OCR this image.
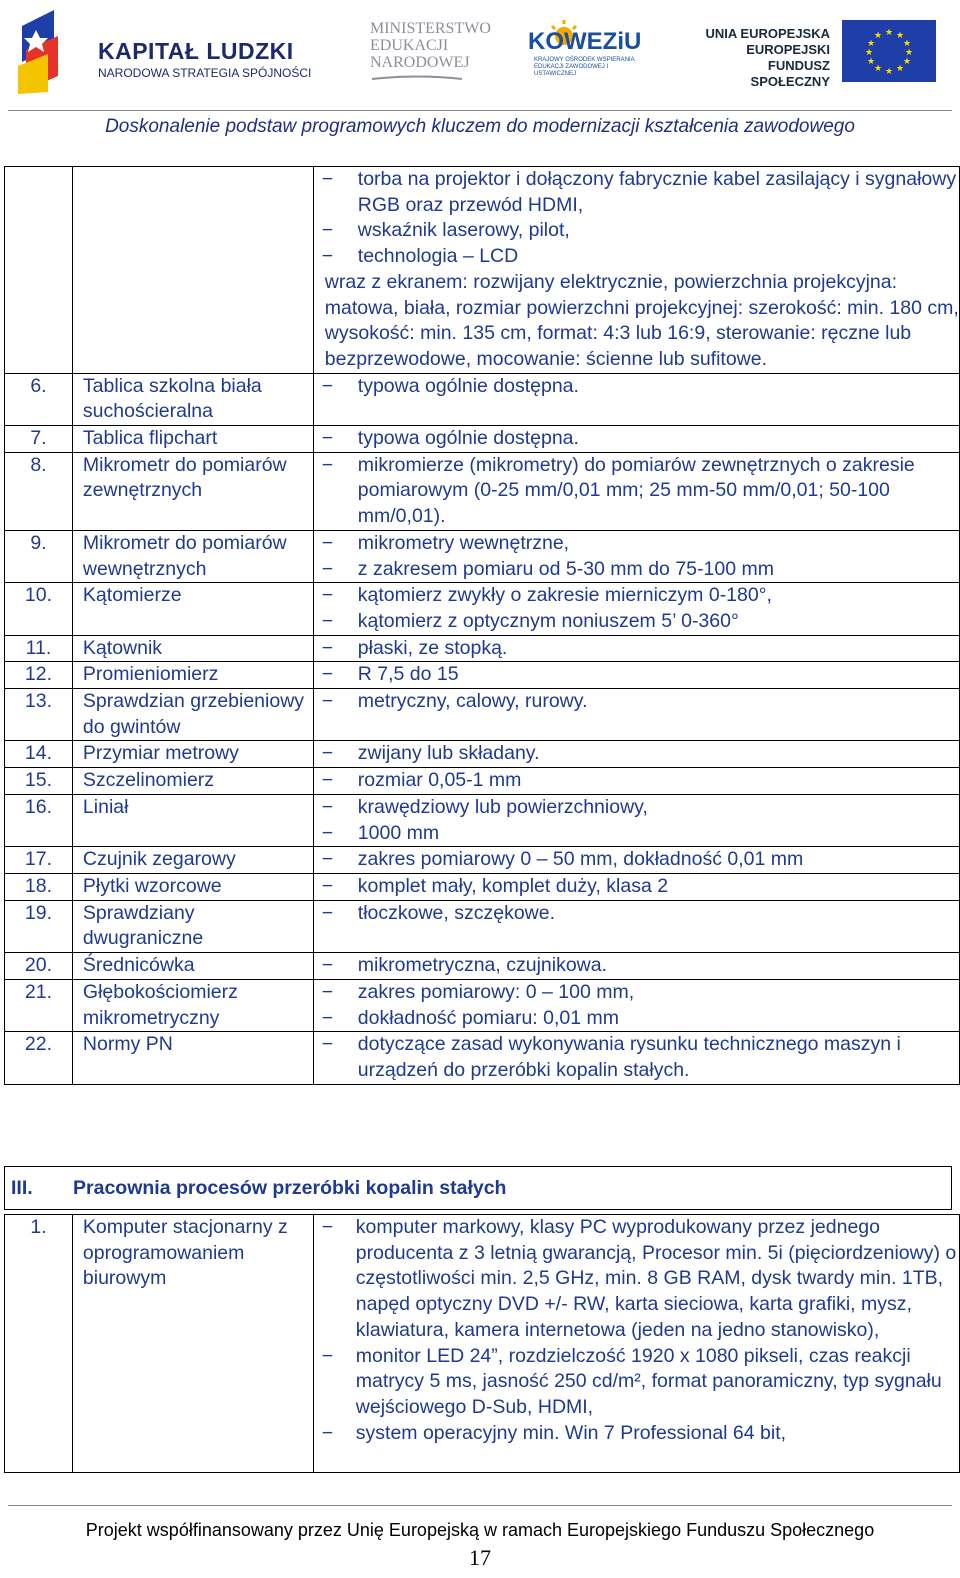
KAPITAŁ LUDZKI
NARODOWA STRATEGIA SPÓJNOŚCI
MINISTERSTWO
EDUKACJI
NARODOWEJ
KOWEZiU
KRAJOWY OŚRODEK WSPIERANIA EDUKACJI ZAWODOWEJ I USTAWICZNEJ
UNIA EUROPEJSKA
EUROPEJSKI
FUNDUSZ SPOŁECZNY
★ ★
★
★
★
★
★
★
★
★
★
★
Doskonalenie podstaw programowych kluczem do modernizacji kształcenia zawodowego

		− torba na projektor i dołączony fabrycznie kabel zasilający i sygnałowy RGB oraz przewód HDMI,
− wskaźnik laserowy, pilot,
− technologia – LCD
wraz z ekranem: rozwijany elektrycznie, powierzchnia projekcyjna: matowa, biała, rozmiar powierzchni projekcyjnej: szerokość: min. 180 cm, wysokość: min. 135 cm, format: 4:3 lub 16:9, sterowanie: ręczne lub bezprzewodowe, mocowanie: ścienne lub sufitowe.

6.	Tablica szkolna biała suchościeralna	− typowa ogólnie dostępna.

7.	Tablica flipchart	− typowa ogólnie dostępna.

8.	Mikrometr do pomiarów zewnętrznych	− mikromierze (mikrometry) do pomiarów zewnętrznych o zakresie pomiarowym (0-25 mm/0,01 mm; 25 mm-50 mm/0,01; 50-100 mm/0,01).

9.	Mikrometr do pomiarów wewnętrznych	− mikrometry wewnętrzne,
− z zakresem pomiaru od 5-30 mm do 75-100 mm

10.	Kątomierze	− kątomierz zwykły o zakresie mierniczym 0-180°,
− kątomierz z optycznym noniuszem 5’ 0-360°

11.	Kątownik	− płaski, ze stopką.

12.	Promieniomierz	− R 7,5 do 15

13.	Sprawdzian grzebieniowy do gwintów	− metryczny, calowy, rurowy.

14.	Przymiar metrowy	− zwijany lub składany.

15.	Szczelinomierz	− rozmiar 0,05-1 mm

16.	Liniał	− krawędziowy lub powierzchniowy,
− 1000 mm

17.	Czujnik zegarowy	− zakres pomiarowy 0 – 50 mm, dokładność 0,01 mm

18.	Płytki wzorcowe	− komplet mały, komplet duży, klasa 2

19.	Sprawdziany dwugraniczne	− tłoczkowe, szczękowe.

20.	Średnicówka	− mikrometryczna, czujnikowa.

21.	Głębokościomierz mikrometryczny	− zakres pomiarowy: 0 – 100 mm,
− dokładność pomiaru: 0,01 mm

22.	Normy PN	− dotyczące zasad wykonywania rysunku technicznego maszyn i urządzeń do przeróbki kopalin stałych.
III. Pracownia procesów przeróbki kopalin stałych
1.	Komputer stacjonarny z oprogramowaniem biurowym	
− komputer markowy, klasy PC wyprodukowany przez jednego producenta z 3 letnią gwarancją, Procesor min. 5i (pięciordzeniowy) o częstotliwości min. 2,5 GHz, min. 8 GB RAM, dysk twardy min. 1TB, napęd optyczny DVD +/- RW, karta sieciowa, karta grafiki, mysz, klawiatura, kamera internetowa (jeden na jedno stanowisko),
− monitor LED 24”, rozdzielczość 1920 x 1080 pikseli, czas reakcji matrycy 5 ms, jasność 250 cd/m², format panoramiczny, typ sygnału wejściowego D-Sub, HDMI,
− system operacyjny min. Win 7 Professional 64 bit,
Projekt współfinansowany przez Unię Europejską w ramach Europejskiego Funduszu Społecznego
17
